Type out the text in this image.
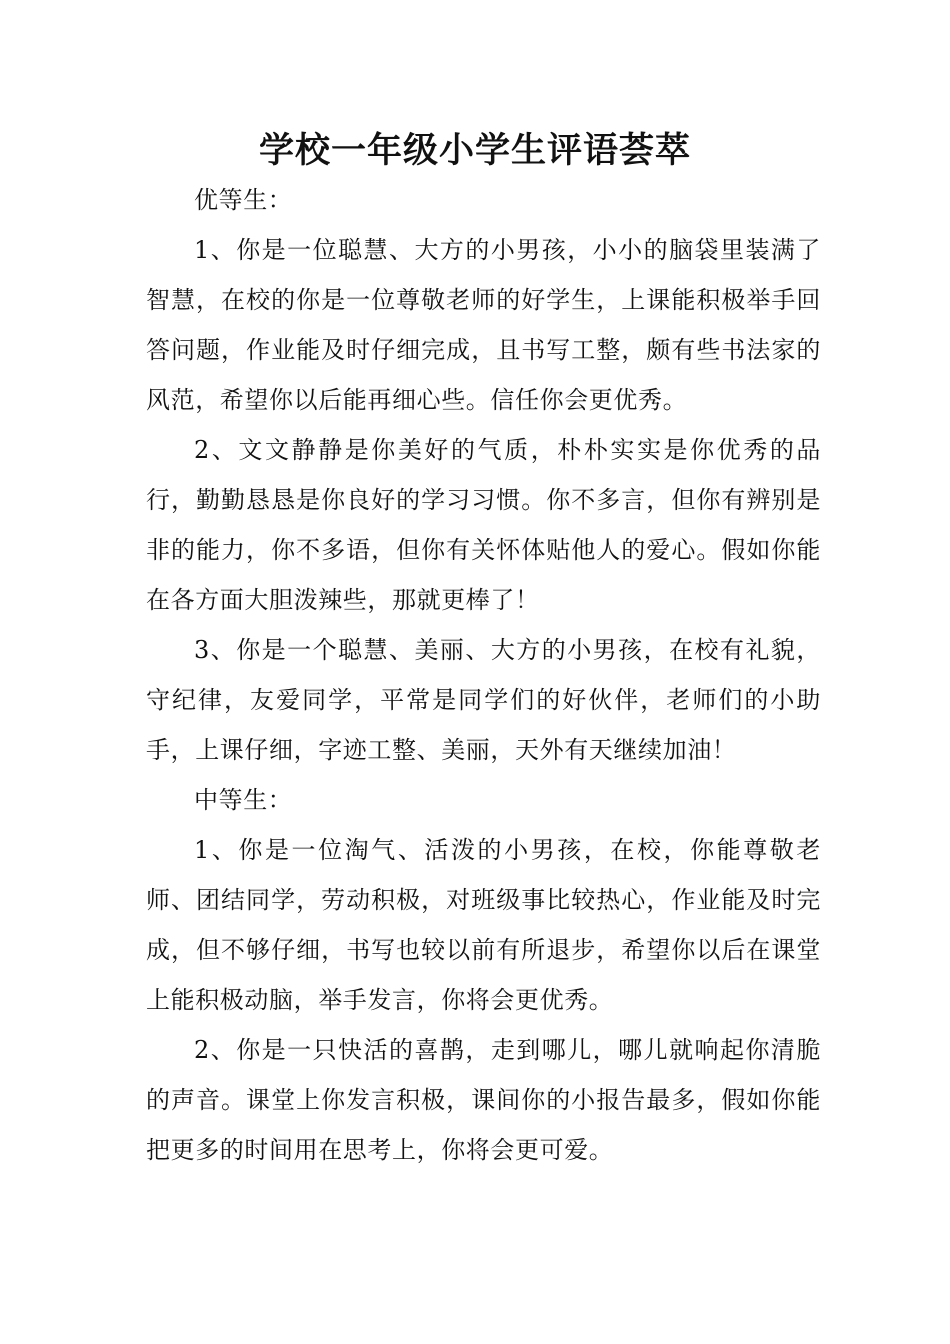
学校一年级小学生评语荟萃

优等生：

1、你是一位聪慧、大方的小男孩，小小的脑袋里装满了智慧，在校的你是一位尊敬老师的好学生，上课能积极举手回答问题，作业能及时仔细完成，且书写工整，颇有些书法家的风范，希望你以后能再细心些。信任你会更优秀。

2、文文静静是你美好的气质，朴朴实实是你优秀的品行，勤勤恳恳是你良好的学习习惯。你不多言，但你有辨别是非的能力，你不多语，但你有关怀体贴他人的爱心。假如你能在各方面大胆泼辣些，那就更棒了！

3、你是一个聪慧、美丽、大方的小男孩，在校有礼貌，守纪律，友爱同学，平常是同学们的好伙伴，老师们的小助手，上课仔细，字迹工整、美丽，天外有天继续加油！

中等生：

1、你是一位淘气、活泼的小男孩，在校，你能尊敬老师、团结同学，劳动积极，对班级事比较热心，作业能及时完成，但不够仔细，书写也较以前有所退步，希望你以后在课堂上能积极动脑，举手发言，你将会更优秀。

2、你是一只快活的喜鹊，走到哪儿，哪儿就响起你清脆的声音。课堂上你发言积极，课间你的小报告最多，假如你能把更多的时间用在思考上，你将会更可爱。
